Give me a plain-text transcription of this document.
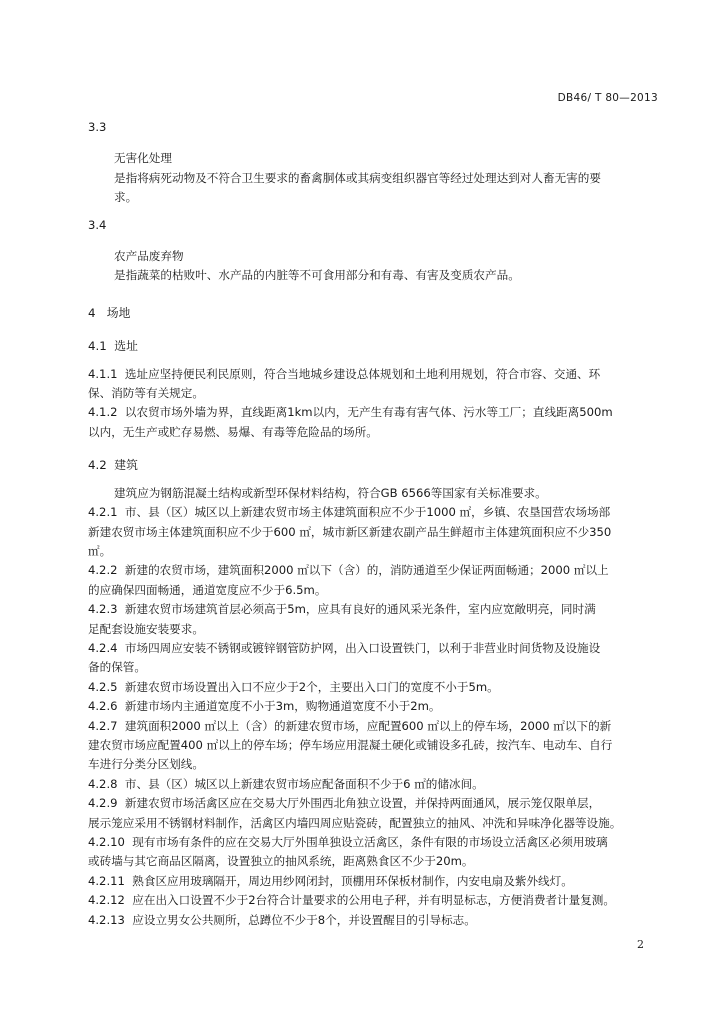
DB46/ T 80—2013
3.3
无害化处理
是指将病死动物及不符合卫生要求的畜禽胴体或其病变组织器官等经过处理达到对人畜无害的要
求。
3.4
农产品废弃物
是指蔬菜的枯败叶、水产品的内脏等不可食用部分和有毒、有害及变质农产品。
4 场地
4.1 选址
4.1.1 选址应坚持便民利民原则，符合当地城乡建设总体规划和土地利用规划，符合市容、交通、环
保、消防等有关规定。
4.1.2 以农贸市场外墙为界，直线距离1km以内，无产生有毒有害气体、污水等工厂；直线距离500m
以内，无生产或贮存易燃、易爆、有毒等危险品的场所。
4.2 建筑
建筑应为钢筋混凝土结构或新型环保材料结构，符合GB 6566等国家有关标准要求。
4.2.1 市、县（区）城区以上新建农贸市场主体建筑面积应不少于1000 ㎡，乡镇、农垦国营农场场部
新建农贸市场主体建筑面积应不少于600 ㎡，城市新区新建农副产品生鲜超市主体建筑面积应不少350
㎡。
4.2.2 新建的农贸市场，建筑面积2000 ㎡以下（含）的，消防通道至少保证两面畅通；2000 ㎡以上
的应确保四面畅通，通道宽度应不少于6.5m。
4.2.3 新建农贸市场建筑首层必须高于5m，应具有良好的通风采光条件，室内应宽敞明亮，同时满
足配套设施安装要求。
4.2.4 市场四周应安装不锈钢或镀锌钢管防护网，出入口设置铁门，以利于非营业时间货物及设施设
备的保管。
4.2.5 新建农贸市场设置出入口不应少于2个，主要出入口门的宽度不小于5m。
4.2.6 新建市场内主通道宽度不小于3m，购物通道宽度不小于2m。
4.2.7 建筑面积2000 ㎡以上（含）的新建农贸市场，应配置600 ㎡以上的停车场，2000 ㎡以下的新
建农贸市场应配置400 ㎡以上的停车场；停车场应用混凝土硬化或铺设多孔砖，按汽车、电动车、自行
车进行分类分区划线。
4.2.8 市、县（区）城区以上新建农贸市场应配备面积不少于6 ㎡的储冰间。
4.2.9 新建农贸市场活禽区应在交易大厅外围西北角独立设置，并保持两面通风，展示笼仅限单层，
展示笼应采用不锈钢材料制作，活禽区内墙四周应贴瓷砖，配置独立的抽风、冲洗和异味净化器等设施。
4.2.10 现有市场有条件的应在交易大厅外围单独设立活禽区，条件有限的市场设立活禽区必须用玻璃
或砖墙与其它商品区隔离，设置独立的抽风系统，距离熟食区不少于20m。
4.2.11 熟食区应用玻璃隔开，周边用纱网闭封，顶棚用环保板材制作，内安电扇及紫外线灯。
4.2.12 应在出入口设置不少于2台符合计量要求的公用电子秤，并有明显标志，方便消费者计量复测。
4.2.13 应设立男女公共厕所，总蹲位不少于8个，并设置醒目的引导标志。
2
